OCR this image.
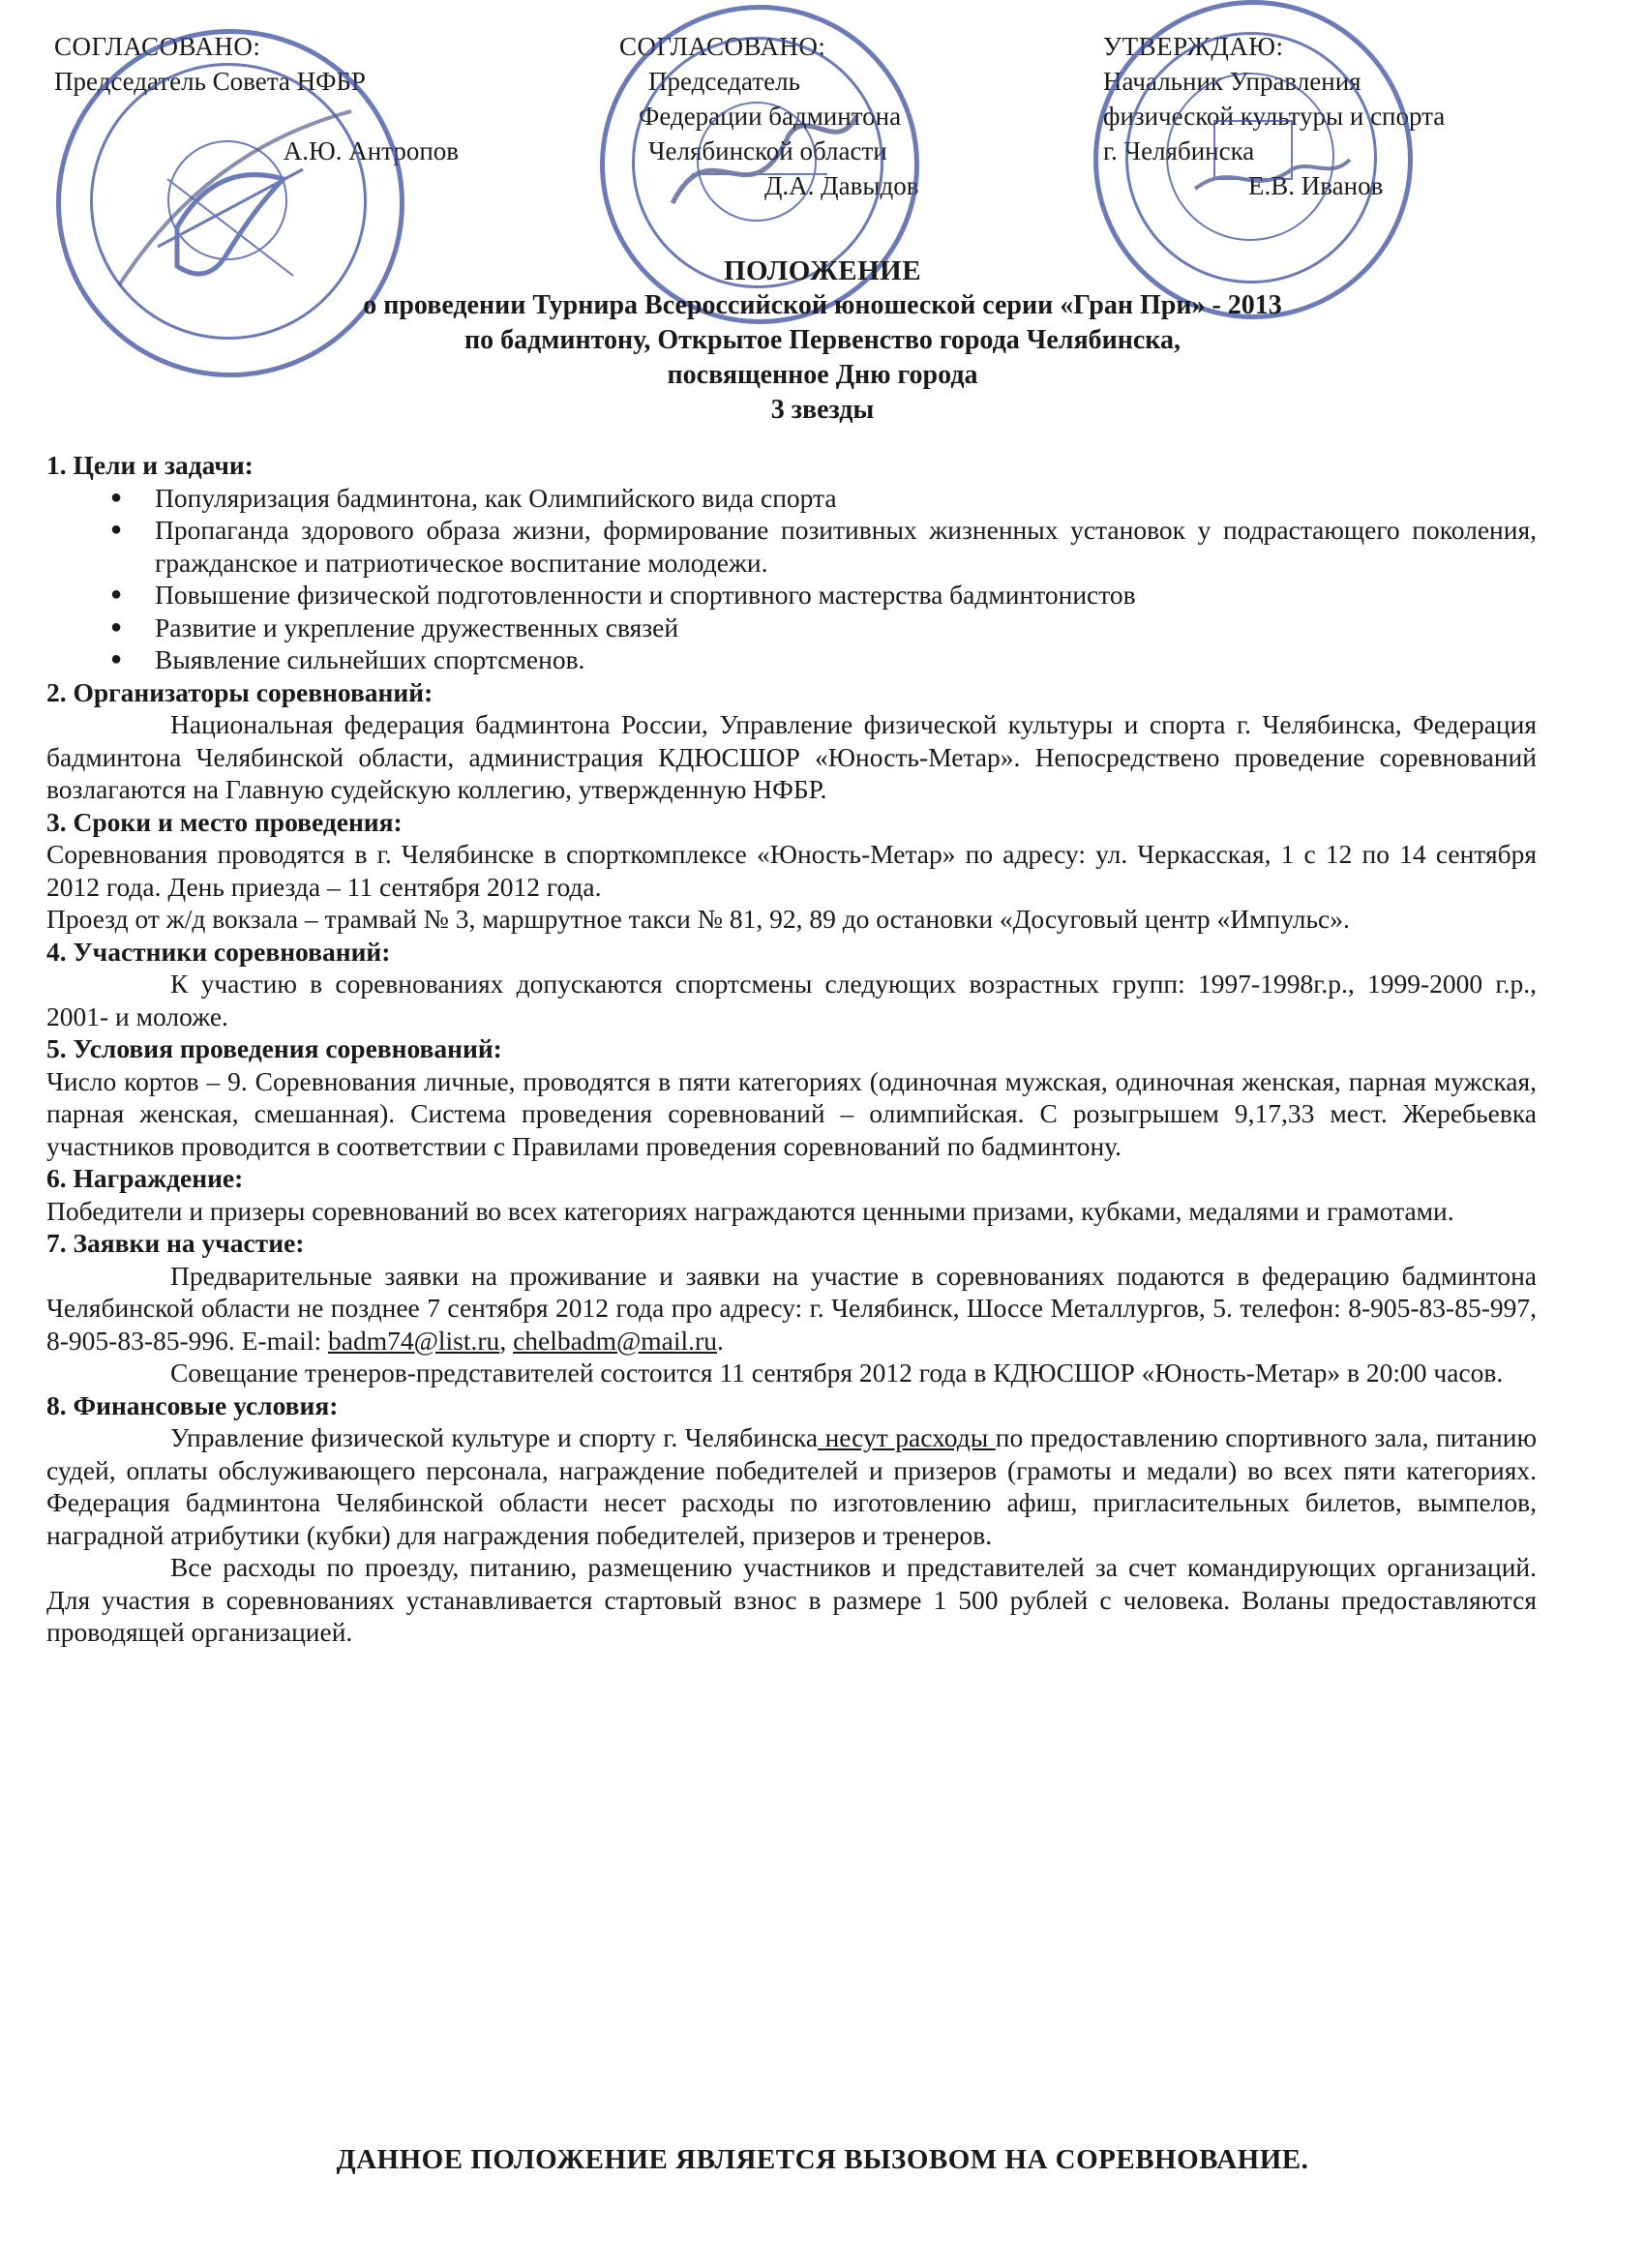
СОГЛАСОВАНО:
Председатель Совета НФБР

А.Ю. Антропов
СОГЛАСОВАНО:
Председатель
Федерации бадминтона
Челябинской области
Д.А. Давыдов
УТВЕРЖДАЮ:
Начальник Управления
физической культуры и спорта
г. Челябинска
Е.В. Иванов
ПОЛОЖЕНИЕ
о проведении Турнира Всероссийской юношеской серии «Гран При» - 2013
по бадминтону, Открытое Первенство города Челябинска,
посвященное Дню города
3 звезды

1. Цели и задачи:

● Популяризация бадминтона, как Олимпийского вида спорта
● Пропаганда здорового образа жизни, формирование позитивных жизненных установок у подрастающего поколения, гражданское и патриотическое воспитание молодежи.
● Повышение физической подготовленности и спортивного мастерства бадминтонистов
● Развитие и укрепление дружественных связей
● Выявление сильнейших спортсменов.

2. Организаторы соревнований:

Национальная федерация бадминтона России, Управление физической культуры и спорта г. Челябинска, Федерация бадминтона Челябинской области, администрация КДЮСШОР «Юность-Метар». Непосредствено проведение соревнований возлагаются на Главную судейскую коллегию, утвержденную НФБР.

3. Сроки и место проведения:

Соревнования проводятся в г. Челябинске в спорткомплексе «Юность-Метар» по адресу: ул. Черкасская, 1 с 12 по 14 сентября 2012 года. День приезда – 11 сентября 2012 года.

Проезд от ж/д вокзала – трамвай № 3, маршрутное такси № 81, 92, 89 до остановки «Досуговый центр «Импульс».

4. Участники соревнований:

К участию в соревнованиях допускаются спортсмены следующих возрастных групп: 1997-1998г.р., 1999-2000 г.р., 2001- и моложе.

5. Условия проведения соревнований:

Число кортов – 9. Соревнования личные, проводятся в пяти категориях (одиночная мужская, одиночная женская, парная мужская, парная женская, смешанная). Система проведения соревнований – олимпийская. С розыгрышем 9,17,33 мест. Жеребьевка участников проводится в соответствии с Правилами проведения соревнований по бадминтону.

6. Награждение:

Победители и призеры соревнований во всех категориях награждаются ценными призами, кубками, медалями и грамотами.

7. Заявки на участие:

Предварительные заявки на проживание и заявки на участие в соревнованиях подаются в федерацию бадминтона Челябинской области не позднее 7 сентября 2012 года про адресу: г. Челябинск, Шоссе Металлургов, 5. телефон: 8-905-83-85-997, 8-905-83-85-996. E-mail: badm74@list.ru, chelbadm@mail.ru.

Совещание тренеров-представителей состоится 11 сентября 2012 года в КДЮСШОР «Юность-Метар» в 20:00 часов.

8. Финансовые условия:

Управление физической культуре и спорту г. Челябинска несут расходы по предоставлению спортивного зала, питанию судей, оплаты обслуживающего персонала, награждение победителей и призеров (грамоты и медали) во всех пяти категориях. Федерация бадминтона Челябинской области несет расходы по изготовлению афиш, пригласительных билетов, вымпелов, наградной атрибутики (кубки) для награждения победителей, призеров и тренеров.

Все расходы по проезду, питанию, размещению участников и представителей за счет командирующих организаций. Для участия в соревнованиях устанавливается стартовый взнос в размере 1 500 рублей с человека. Воланы предоставляются проводящей организацией.

ДАННОЕ ПОЛОЖЕНИЕ ЯВЛЯЕТСЯ ВЫЗОВОМ НА СОРЕВНОВАНИЕ.
